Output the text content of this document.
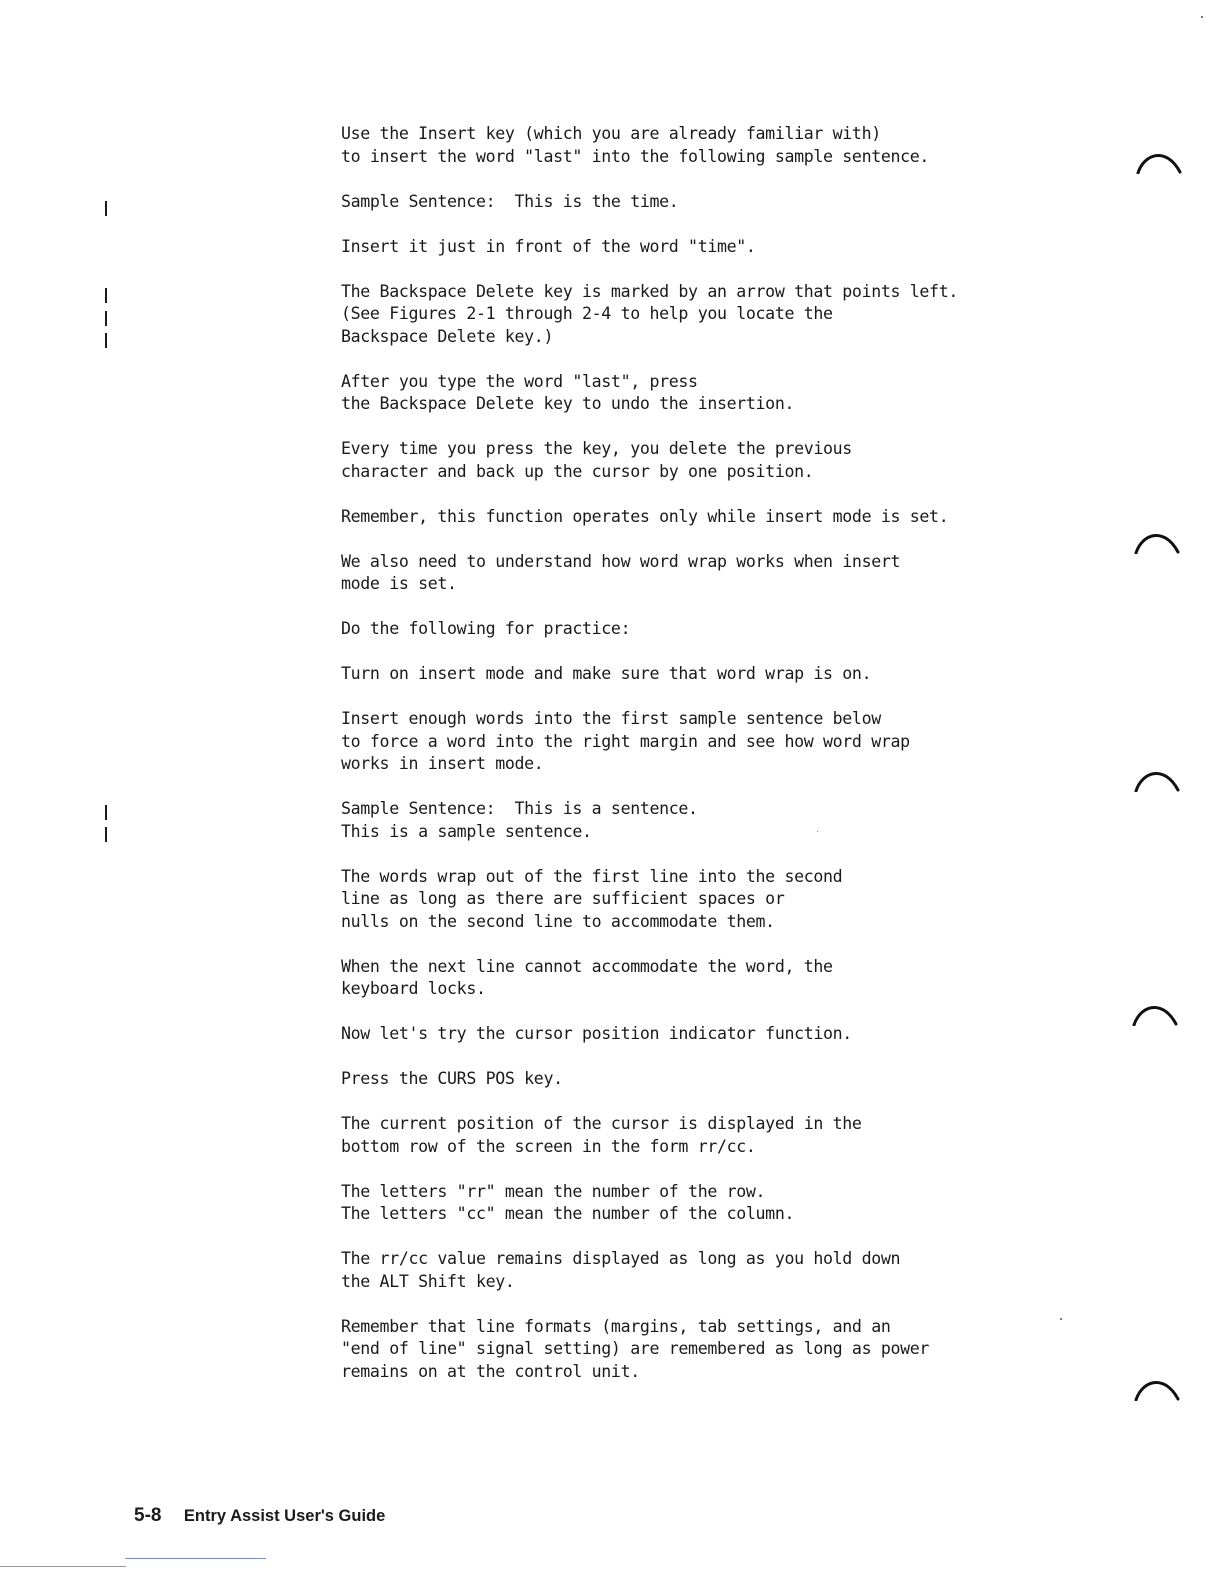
Use the Insert key (which you are already familiar with)
to insert the word "last" into the following sample sentence.
Sample Sentence:  This is the time.
Insert it just in front of the word "time".
The Backspace Delete key is marked by an arrow that points left.
(See Figures 2-1 through 2-4 to help you locate the
Backspace Delete key.)
After you type the word "last", press
the Backspace Delete key to undo the insertion.
Every time you press the key, you delete the previous
character and back up the cursor by one position.
Remember, this function operates only while insert mode is set.
We also need to understand how word wrap works when insert
mode is set.
Do the following for practice:
Turn on insert mode and make sure that word wrap is on.
Insert enough words into the first sample sentence below
to force a word into the right margin and see how word wrap
works in insert mode.
Sample Sentence:  This is a sentence.
This is a sample sentence.
The words wrap out of the first line into the second
line as long as there are sufficient spaces or
nulls on the second line to accommodate them.
When the next line cannot accommodate the word, the
keyboard locks.
Now let's try the cursor position indicator function.
Press the CURS POS key.
The current position of the cursor is displayed in the
bottom row of the screen in the form rr/cc.
The letters "rr" mean the number of the row.
The letters "cc" mean the number of the column.
The rr/cc value remains displayed as long as you hold down
the ALT Shift key.
Remember that line formats (margins, tab settings, and an
"end of line" signal setting) are remembered as long as power
remains on at the control unit.
5-8 Entry Assist User's Guide
